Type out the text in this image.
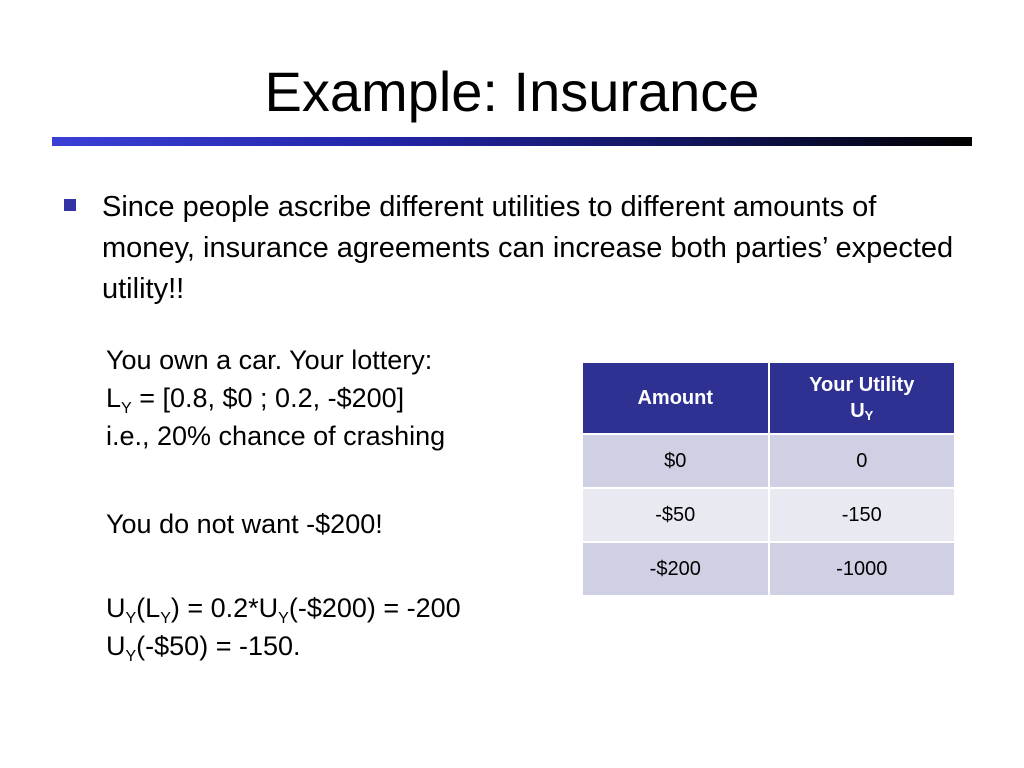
Example: Insurance
Since people ascribe different utilities to different amounts of money, insurance agreements can increase both parties’ expected utility!!
You own a car. Your lottery:
$L_Y = [0.8$, $0 ; 0.2, -$200]
i.e., 20% chance of crashing
You do not want -$200!
$U_Y(L_Y)$ = $0.2*U_Y(-\$200) = -200$
$U_Y(-\$50) = -150$.
Amount	Your Utility
$U_Y$
$0	0
-$50	-150
-$200	-1000
